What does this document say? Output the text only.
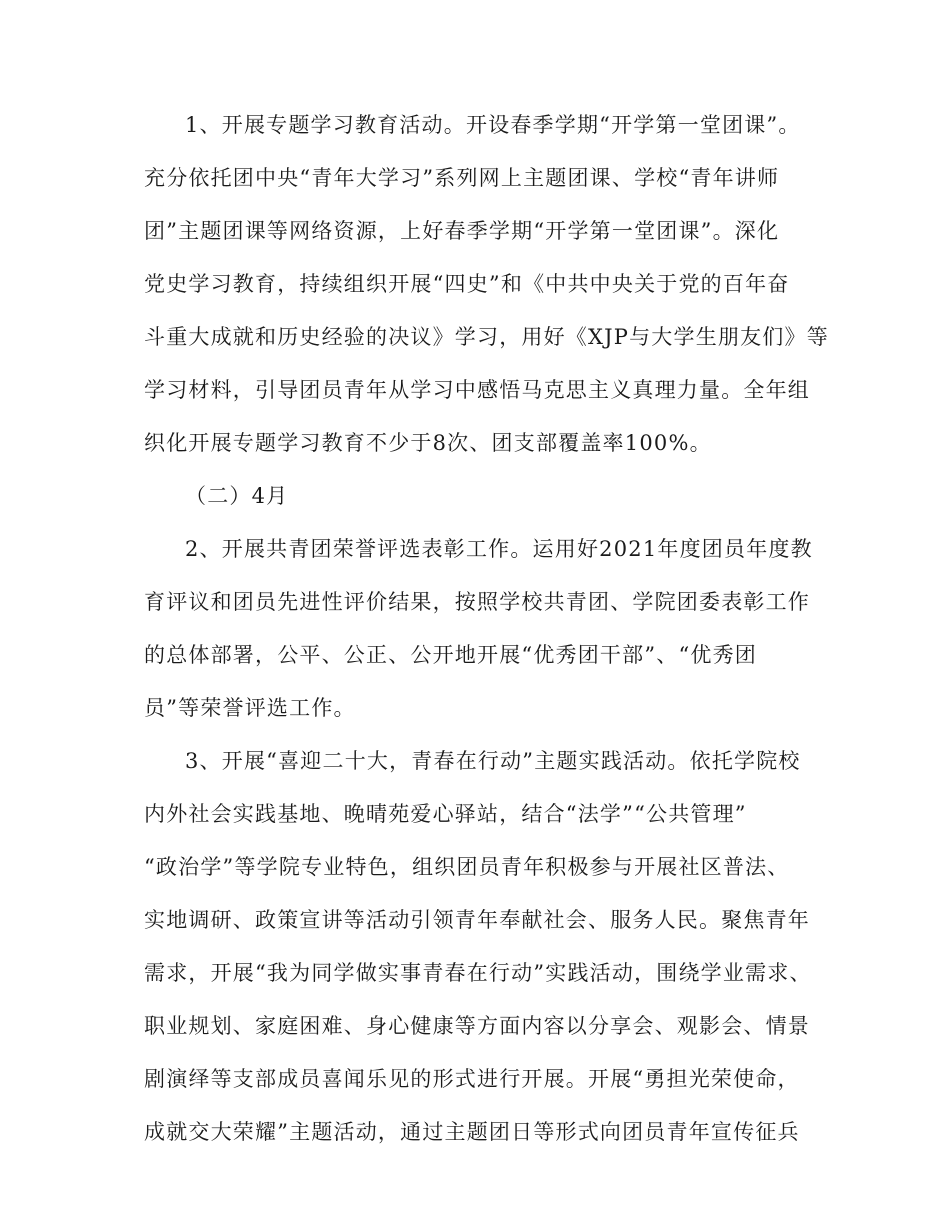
1、开展专题学习教育活动。开设春季学期“开学第一堂团课”。
充分依托团中央“青年大学习”系列网上主题团课、学校“青年讲师
团”主题团课等网络资源，上好春季学期“开学第一堂团课”。深化
党史学习教育，持续组织开展“四史”和《中共中央关于党的百年奋
斗重大成就和历史经验的决议》学习，用好《XJP与大学生朋友们》等
学习材料，引导团员青年从学习中感悟马克思主义真理力量。全年组
织化开展专题学习教育不少于8次、团支部覆盖率100%。
（二）4月
2、开展共青团荣誉评选表彰工作。运用好2021年度团员年度教
育评议和团员先进性评价结果，按照学校共青团、学院团委表彰工作
的总体部署，公平、公正、公开地开展“优秀团干部”、“优秀团
员”等荣誉评选工作。
3、开展“喜迎二十大，青春在行动”主题实践活动。依托学院校
内外社会实践基地、晚晴苑爱心驿站，结合“法学”“公共管理”
“政治学”等学院专业特色，组织团员青年积极参与开展社区普法、
实地调研、政策宣讲等活动引领青年奉献社会、服务人民。聚焦青年
需求，开展“我为同学做实事青春在行动”实践活动，围绕学业需求、
职业规划、家庭困难、身心健康等方面内容以分享会、观影会、情景
剧演绎等支部成员喜闻乐见的形式进行开展。开展“勇担光荣使命，
成就交大荣耀”主题活动，通过主题团日等形式向团员青年宣传征兵
